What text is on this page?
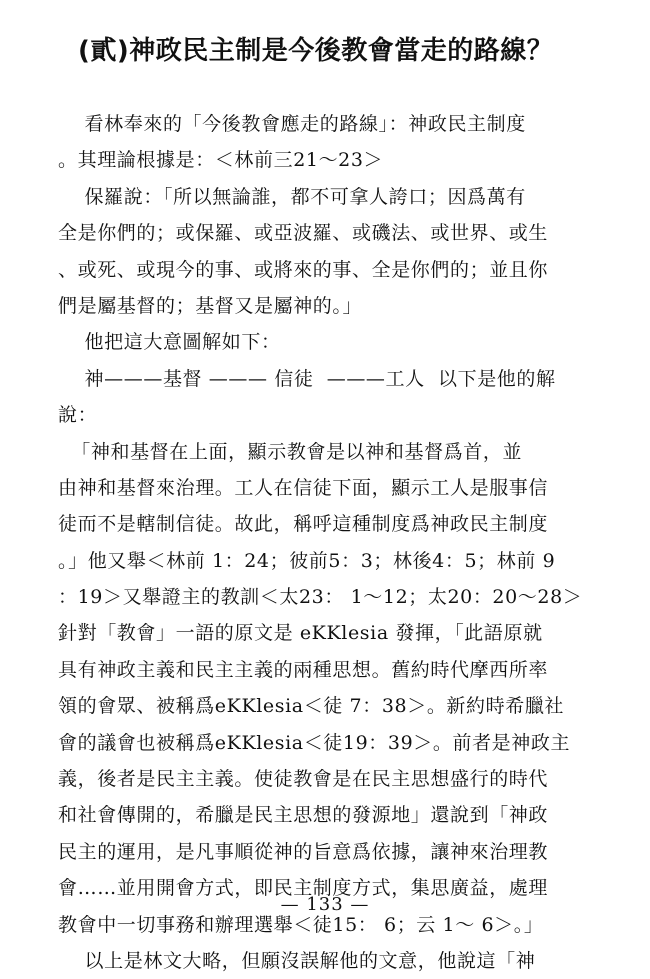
(貳)神政民主制是今後教會當走的路線？
看林奉來的「今後教會應走的路線」：神政民主制度
。其理論根據是：＜林前三21～23＞
保羅說：「所以無論誰，都不可拿人誇口；因爲萬有
全是你們的；或保羅、或亞波羅、或磯法、或世界、或生
、或死、或現今的事、或將來的事、全是你們的；並且你
們是屬基督的；基督又是屬神的。」
他把這大意圖解如下：
神———基督 ——— 信徒  ———工人  以下是他的解
說：
「神和基督在上面，顯示教會是以神和基督爲首，並
由神和基督來治理。工人在信徒下面，顯示工人是服事信
徒而不是轄制信徒。故此，稱呼這種制度爲神政民主制度
。」他又舉＜林前 1：24；彼前5：3；林後4：5；林前 9
：19＞又舉證主的教訓＜太23： 1～12；太20：20～28＞
針對「教會」一語的原文是 eKKlesia 發揮，「此語原就
具有神政主義和民主主義的兩種思想。舊約時代摩西所率
領的會眾、被稱爲eKKlesia＜徒 7：38＞。新約時希臘社
會的議會也被稱爲eKKlesia＜徒19：39＞。前者是神政主
義，後者是民主主義。使徒教會是在民主思想盛行的時代
和社會傳開的，希臘是民主思想的發源地」還說到「神政
民主的運用，是凡事順從神的旨意爲依據，讓神來治理教
會……並用開會方式，即民主制度方式，集思廣益，處理
教會中一切事務和辦理選舉＜徒15： 6；云 1～ 6＞。」
以上是林文大略，但願沒誤解他的文意，他說這「神
— 133 —
